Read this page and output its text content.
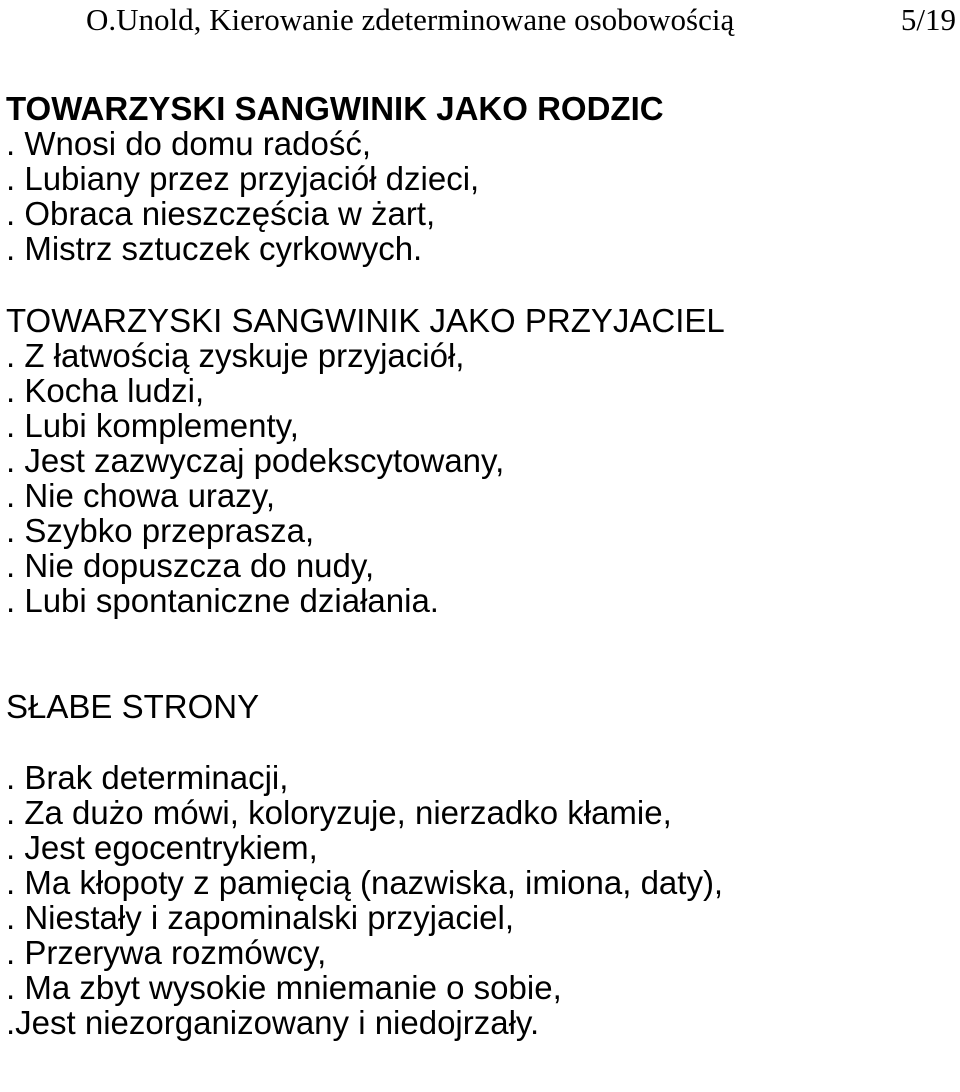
O.Unold, Kierowanie zdeterminowane osobowością	5/19
TOWARZYSKI SANGWINIK JAKO RODZIC
. Wnosi do domu radość,
. Lubiany przez przyjaciół dzieci,
. Obraca nieszczęścia w żart,
. Mistrz sztuczek cyrkowych.
TOWARZYSKI SANGWINIK JAKO PRZYJACIEL
. Z łatwością zyskuje przyjaciół,
. Kocha ludzi,
. Lubi komplementy,
. Jest zazwyczaj podekscytowany,
. Nie chowa urazy,
. Szybko przeprasza,
. Nie dopuszcza do nudy,
. Lubi spontaniczne działania.
SŁABE STRONY
. Brak determinacji,
. Za dużo mówi, koloryzuje, nierzadko kłamie,
. Jest egocentrykiem,
. Ma kłopoty z pamięcią (nazwiska, imiona, daty),
. Niestały i zapominalski przyjaciel,
. Przerywa rozmówcy,
. Ma zbyt wysokie mniemanie o sobie,
.Jest niezorganizowany i niedojrzały.
